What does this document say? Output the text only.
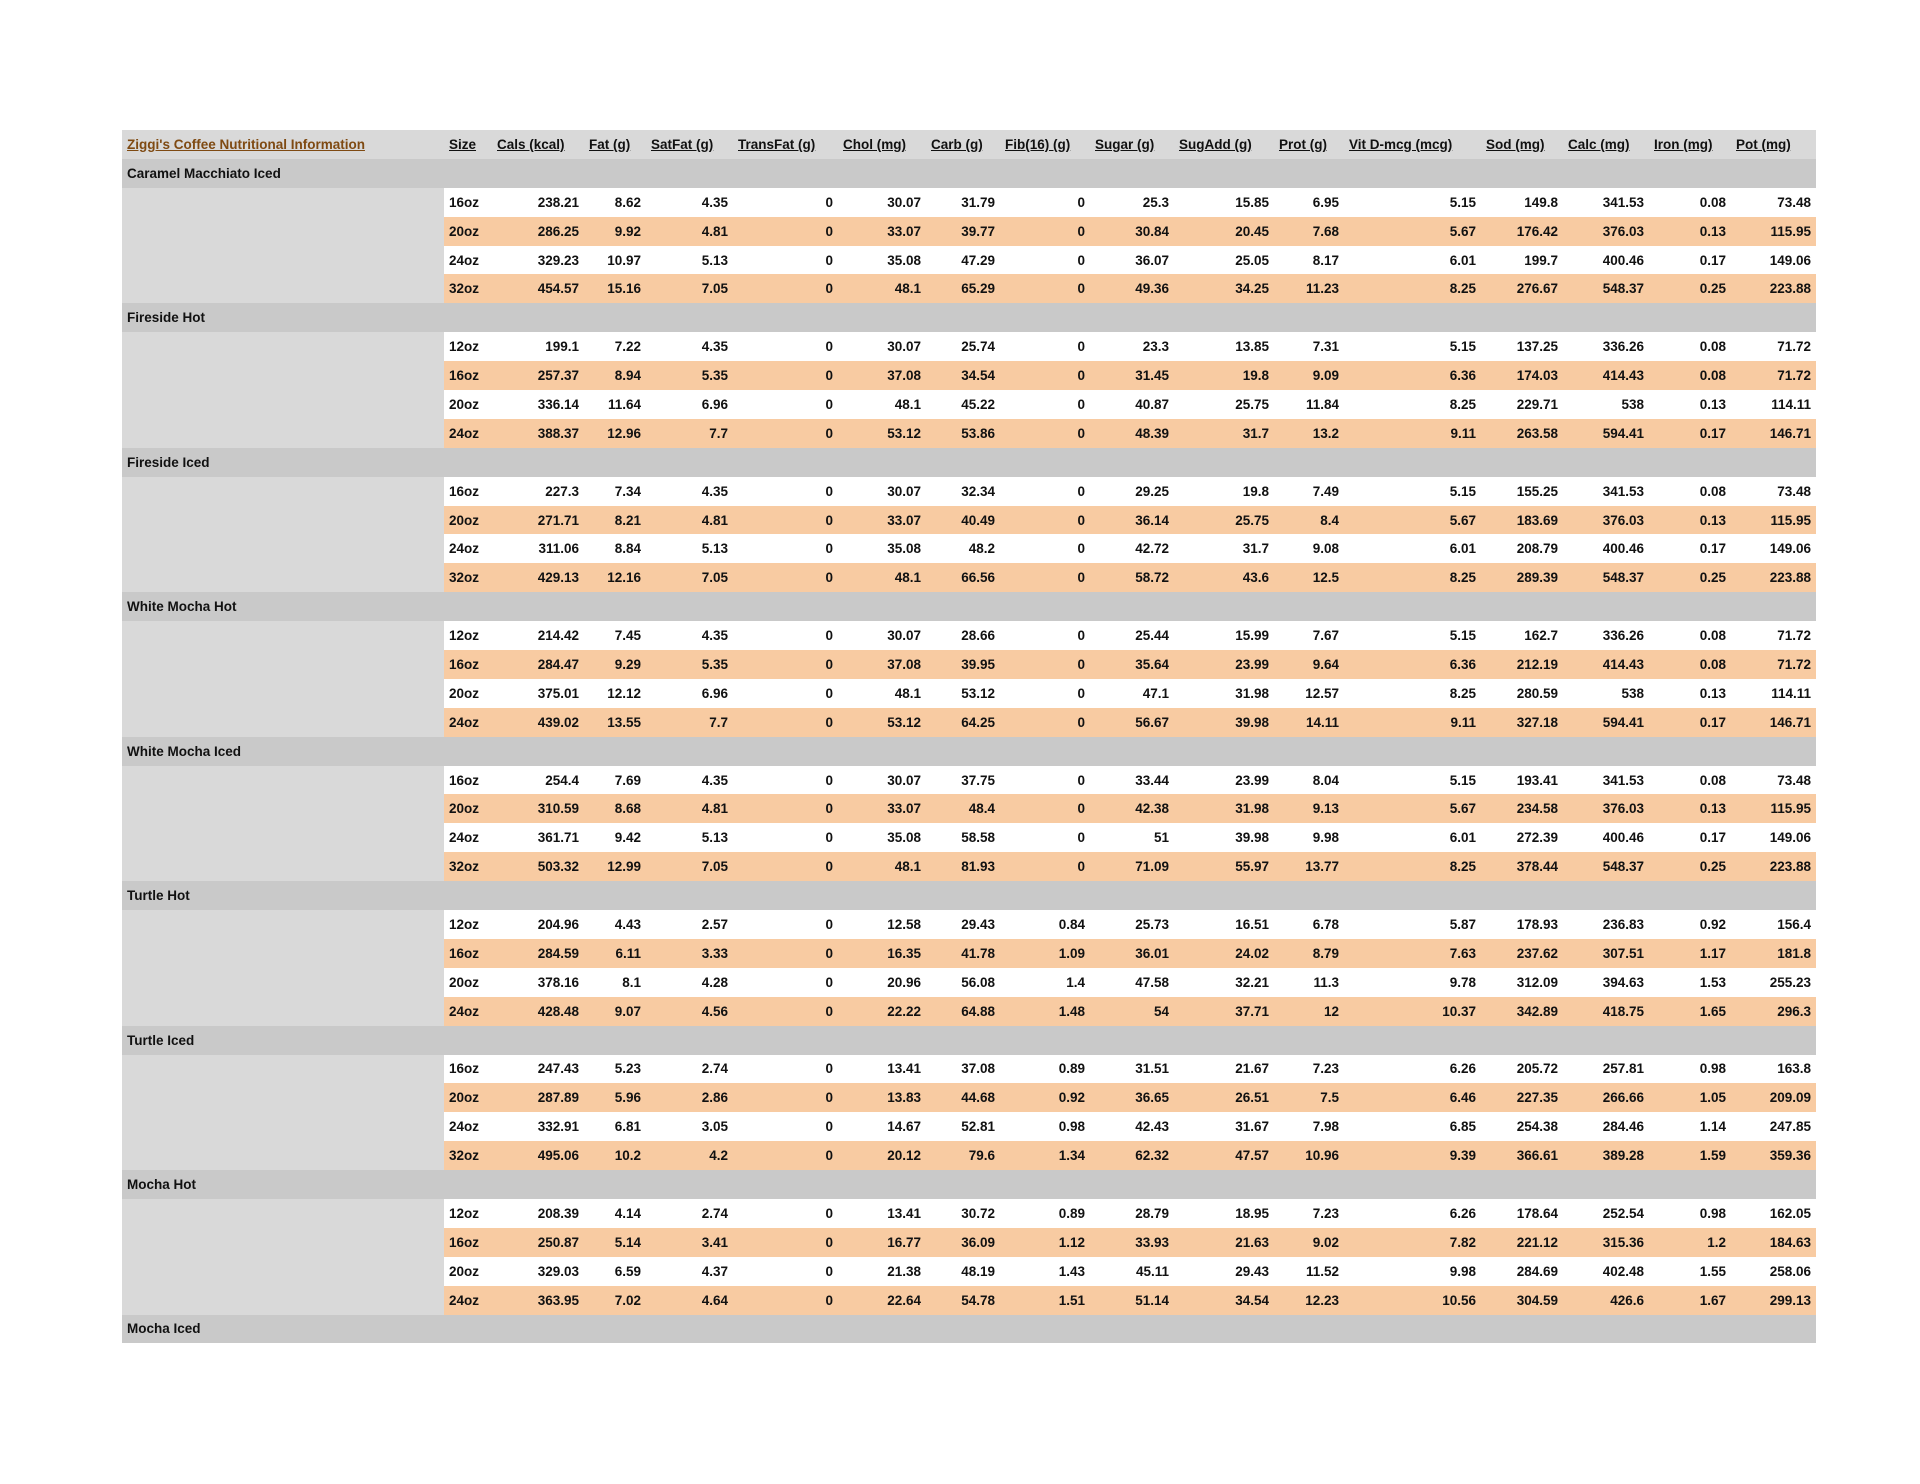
Ziggi's Coffee Nutritional Information	Size	Cals (kcal)	Fat (g)	SatFat (g)	TransFat (g)	Chol (mg)	Carb (g)	Fib(16) (g)	Sugar (g)	SugAdd (g)	Prot (g)	Vit D-mcg (mcg)	Sod (mg)	Calc (mg)	Iron (mg)	Pot (mg)
Caramel Macchiato Iced																
	16oz	238.21	8.62	4.35	0	30.07	31.79	0	25.3	15.85	6.95	5.15	149.8	341.53	0.08	73.48
	20oz	286.25	9.92	4.81	0	33.07	39.77	0	30.84	20.45	7.68	5.67	176.42	376.03	0.13	115.95
	24oz	329.23	10.97	5.13	0	35.08	47.29	0	36.07	25.05	8.17	6.01	199.7	400.46	0.17	149.06
	32oz	454.57	15.16	7.05	0	48.1	65.29	0	49.36	34.25	11.23	8.25	276.67	548.37	0.25	223.88
Fireside Hot																
	12oz	199.1	7.22	4.35	0	30.07	25.74	0	23.3	13.85	7.31	5.15	137.25	336.26	0.08	71.72
	16oz	257.37	8.94	5.35	0	37.08	34.54	0	31.45	19.8	9.09	6.36	174.03	414.43	0.08	71.72
	20oz	336.14	11.64	6.96	0	48.1	45.22	0	40.87	25.75	11.84	8.25	229.71	538	0.13	114.11
	24oz	388.37	12.96	7.7	0	53.12	53.86	0	48.39	31.7	13.2	9.11	263.58	594.41	0.17	146.71
Fireside Iced																
	16oz	227.3	7.34	4.35	0	30.07	32.34	0	29.25	19.8	7.49	5.15	155.25	341.53	0.08	73.48
	20oz	271.71	8.21	4.81	0	33.07	40.49	0	36.14	25.75	8.4	5.67	183.69	376.03	0.13	115.95
	24oz	311.06	8.84	5.13	0	35.08	48.2	0	42.72	31.7	9.08	6.01	208.79	400.46	0.17	149.06
	32oz	429.13	12.16	7.05	0	48.1	66.56	0	58.72	43.6	12.5	8.25	289.39	548.37	0.25	223.88
White Mocha Hot																
	12oz	214.42	7.45	4.35	0	30.07	28.66	0	25.44	15.99	7.67	5.15	162.7	336.26	0.08	71.72
	16oz	284.47	9.29	5.35	0	37.08	39.95	0	35.64	23.99	9.64	6.36	212.19	414.43	0.08	71.72
	20oz	375.01	12.12	6.96	0	48.1	53.12	0	47.1	31.98	12.57	8.25	280.59	538	0.13	114.11
	24oz	439.02	13.55	7.7	0	53.12	64.25	0	56.67	39.98	14.11	9.11	327.18	594.41	0.17	146.71
White Mocha Iced																
	16oz	254.4	7.69	4.35	0	30.07	37.75	0	33.44	23.99	8.04	5.15	193.41	341.53	0.08	73.48
	20oz	310.59	8.68	4.81	0	33.07	48.4	0	42.38	31.98	9.13	5.67	234.58	376.03	0.13	115.95
	24oz	361.71	9.42	5.13	0	35.08	58.58	0	51	39.98	9.98	6.01	272.39	400.46	0.17	149.06
	32oz	503.32	12.99	7.05	0	48.1	81.93	0	71.09	55.97	13.77	8.25	378.44	548.37	0.25	223.88
Turtle Hot																
	12oz	204.96	4.43	2.57	0	12.58	29.43	0.84	25.73	16.51	6.78	5.87	178.93	236.83	0.92	156.4
	16oz	284.59	6.11	3.33	0	16.35	41.78	1.09	36.01	24.02	8.79	7.63	237.62	307.51	1.17	181.8
	20oz	378.16	8.1	4.28	0	20.96	56.08	1.4	47.58	32.21	11.3	9.78	312.09	394.63	1.53	255.23
	24oz	428.48	9.07	4.56	0	22.22	64.88	1.48	54	37.71	12	10.37	342.89	418.75	1.65	296.3
Turtle Iced																
	16oz	247.43	5.23	2.74	0	13.41	37.08	0.89	31.51	21.67	7.23	6.26	205.72	257.81	0.98	163.8
	20oz	287.89	5.96	2.86	0	13.83	44.68	0.92	36.65	26.51	7.5	6.46	227.35	266.66	1.05	209.09
	24oz	332.91	6.81	3.05	0	14.67	52.81	0.98	42.43	31.67	7.98	6.85	254.38	284.46	1.14	247.85
	32oz	495.06	10.2	4.2	0	20.12	79.6	1.34	62.32	47.57	10.96	9.39	366.61	389.28	1.59	359.36
Mocha Hot																
	12oz	208.39	4.14	2.74	0	13.41	30.72	0.89	28.79	18.95	7.23	6.26	178.64	252.54	0.98	162.05
	16oz	250.87	5.14	3.41	0	16.77	36.09	1.12	33.93	21.63	9.02	7.82	221.12	315.36	1.2	184.63
	20oz	329.03	6.59	4.37	0	21.38	48.19	1.43	45.11	29.43	11.52	9.98	284.69	402.48	1.55	258.06
	24oz	363.95	7.02	4.64	0	22.64	54.78	1.51	51.14	34.54	12.23	10.56	304.59	426.6	1.67	299.13
Mocha Iced																
